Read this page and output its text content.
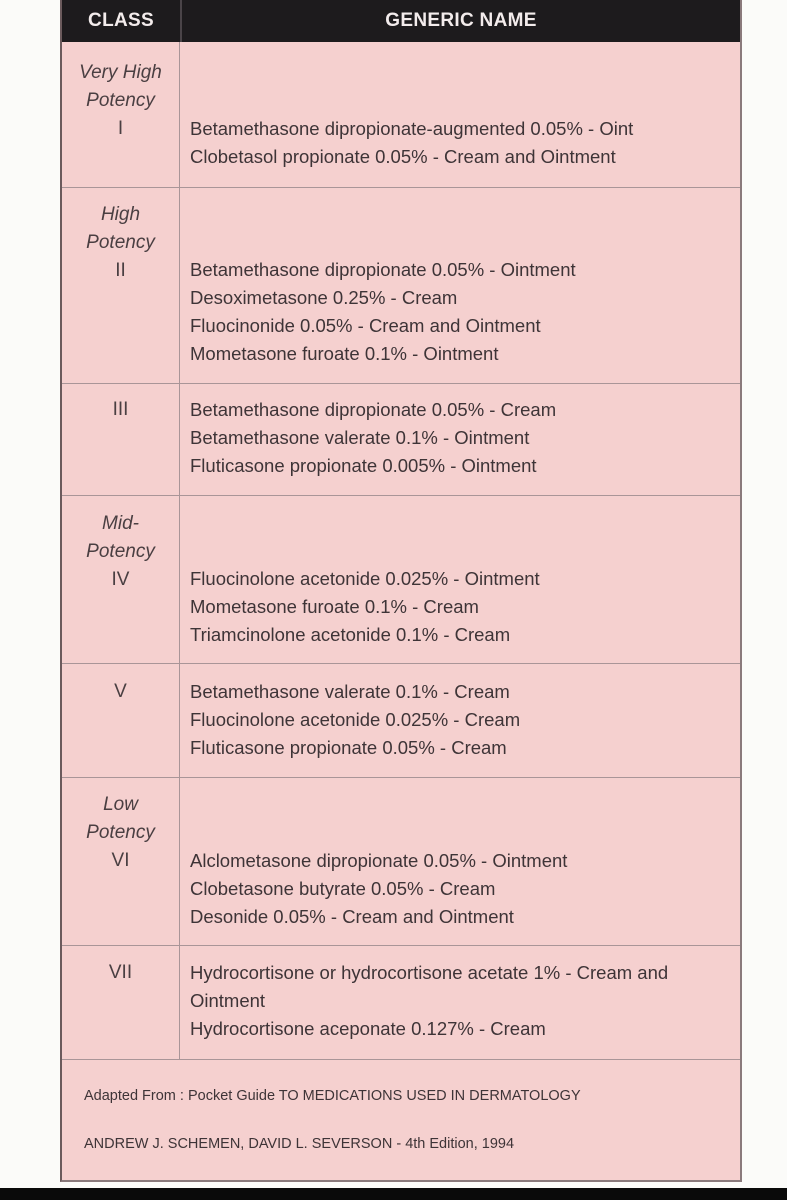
CLASS	GENERIC NAME
Very High
Potency
I	Betamethasone dipropionate-augmented 0.05% - Oint
Clobetasol propionate 0.05% - Cream and Ointment
High
Potency
II	Betamethasone dipropionate 0.05% - Ointment
Desoximetasone 0.25% - Cream
Fluocinonide 0.05% - Cream and Ointment
Mometasone furoate 0.1% - Ointment
III	Betamethasone dipropionate 0.05% - Cream
Betamethasone valerate 0.1% - Ointment
Fluticasone propionate 0.005% - Ointment
Mid-
Potency
IV	Fluocinolone acetonide 0.025% - Ointment
Mometasone furoate 0.1% - Cream
Triamcinolone acetonide 0.1% - Cream
V	Betamethasone valerate 0.1% - Cream
Fluocinolone acetonide 0.025% - Cream
Fluticasone propionate 0.05% - Cream
Low
Potency
VI	Alclometasone dipropionate 0.05% - Ointment
Clobetasone butyrate 0.05% - Cream
Desonide 0.05% - Cream and Ointment
VII	Hydrocortisone or hydrocortisone acetate 1% - Cream and Ointment
Hydrocortisone aceponate 0.127% - Cream
Adapted From : Pocket Guide TO MEDICATIONS USED IN DERMATOLOGY
ANDREW J. SCHEMEN, DAVID L. SEVERSON - 4th Edition, 1994
